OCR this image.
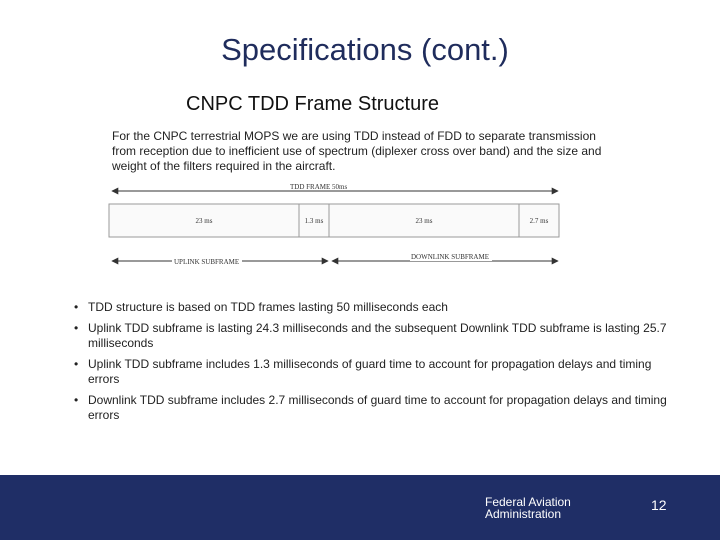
Specifications (cont.)
CNPC TDD Frame Structure
For the CNPC terrestrial MOPS we are using TDD instead of FDD to separate transmission from reception due to inefficient use of spectrum (diplexer cross over band) and the size and weight of the filters required in the aircraft.
TDD FRAME 50ms
23 ms	1.3 ms	23 ms	2.7 ms
UPLINK SUBFRAME
DOWNLINK SUBFRAME
• TDD structure is based on TDD frames lasting 50 milliseconds each
• Uplink TDD subframe is lasting 24.3 milliseconds and the subsequent Downlink TDD subframe is lasting 25.7 milliseconds
• Uplink TDD subframe includes 1.3 milliseconds of guard time to account for propagation delays and timing errors
• Downlink TDD subframe includes 2.7 milliseconds of guard time to account for propagation delays and timing errors
Federal Aviation
Administration
12
